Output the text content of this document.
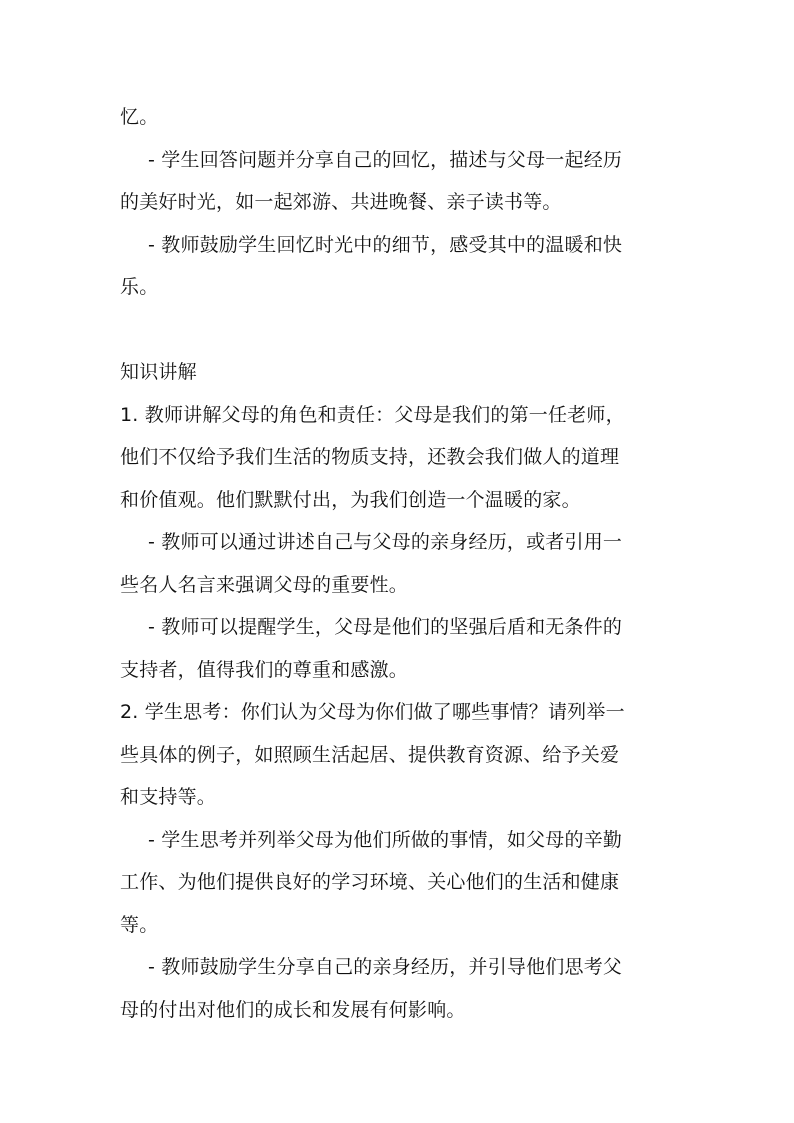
忆。
- 学生回答问题并分享自己的回忆，描述与父母一起经历
的美好时光，如一起郊游、共进晚餐、亲子读书等。
- 教师鼓励学生回忆时光中的细节，感受其中的温暖和快
乐。
知识讲解
1. 教师讲解父母的角色和责任：父母是我们的第一任老师，
他们不仅给予我们生活的物质支持，还教会我们做人的道理
和价值观。他们默默付出，为我们创造一个温暖的家。
- 教师可以通过讲述自己与父母的亲身经历，或者引用一
些名人名言来强调父母的重要性。
- 教师可以提醒学生，父母是他们的坚强后盾和无条件的
支持者，值得我们的尊重和感激。
2. 学生思考：你们认为父母为你们做了哪些事情？请列举一
些具体的例子，如照顾生活起居、提供教育资源、给予关爱
和支持等。
- 学生思考并列举父母为他们所做的事情，如父母的辛勤
工作、为他们提供良好的学习环境、关心他们的生活和健康
等。
- 教师鼓励学生分享自己的亲身经历，并引导他们思考父
母的付出对他们的成长和发展有何影响。
